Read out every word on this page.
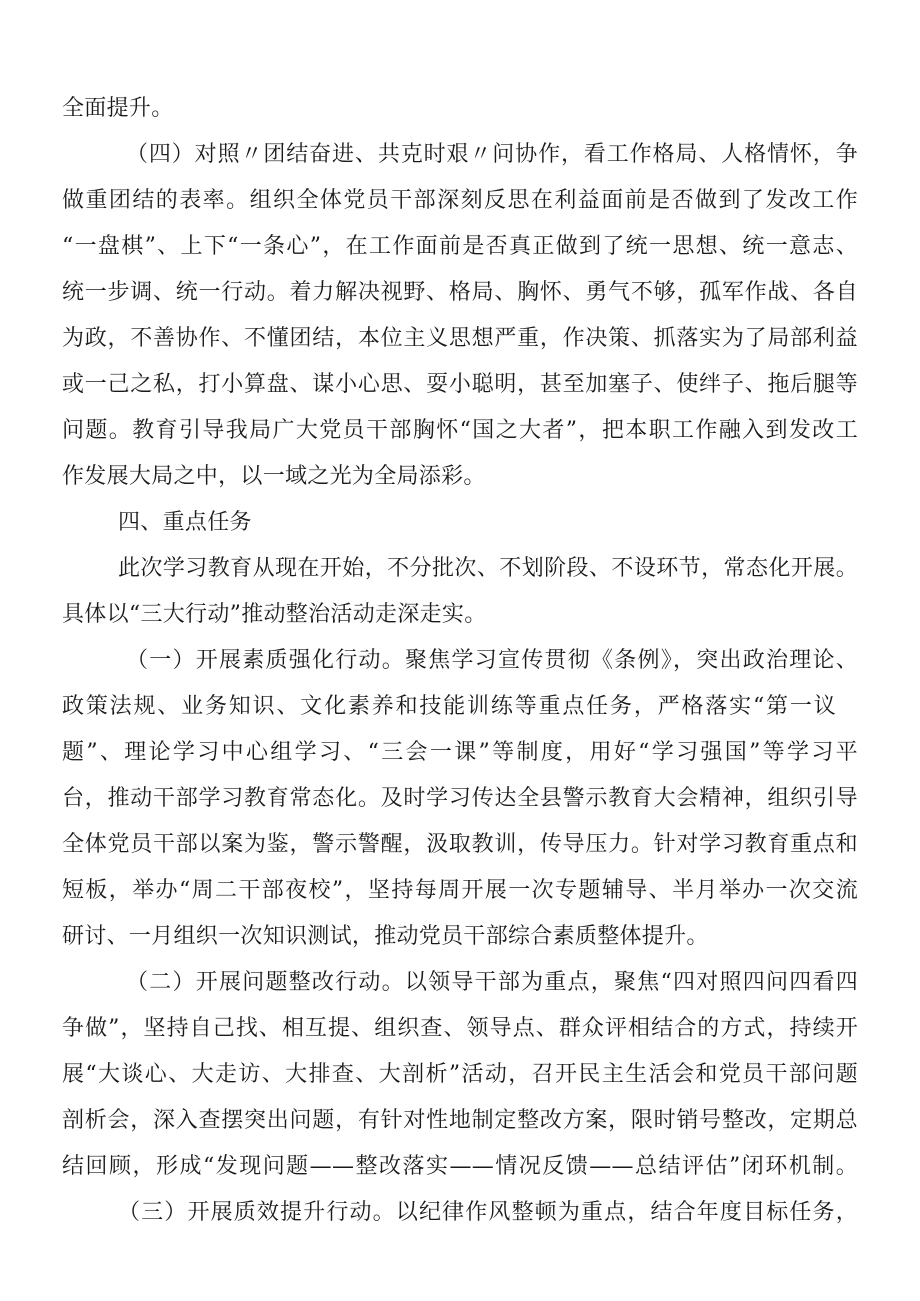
全面提升。
（四）对照〃团结奋进、共克时艰〃问协作，看工作格局、人格情怀，争
做重团结的表率。组织全体党员干部深刻反思在利益面前是否做到了发改工作
“一盘棋”、上下“一条心”，在工作面前是否真正做到了统一思想、统一意志、
统一步调、统一行动。着力解决视野、格局、胸怀、勇气不够，孤军作战、各自
为政，不善协作、不懂团结，本位主义思想严重，作决策、抓落实为了局部利益
或一己之私，打小算盘、谋小心思、耍小聪明，甚至加塞子、使绊子、拖后腿等
问题。教育引导我局广大党员干部胸怀“国之大者”，把本职工作融入到发改工
作发展大局之中，以一域之光为全局添彩。
四、重点任务
此次学习教育从现在开始，不分批次、不划阶段、不设环节，常态化开展。
具体以“三大行动”推动整治活动走深走实。
（一）开展素质强化行动。聚焦学习宣传贯彻《条例》，突出政治理论、
政策法规、业务知识、文化素养和技能训练等重点任务，严格落实“第一议
题”、理论学习中心组学习、“三会一课”等制度，用好“学习强国”等学习平
台，推动干部学习教育常态化。及时学习传达全县警示教育大会精神，组织引导
全体党员干部以案为鉴，警示警醒，汲取教训，传导压力。针对学习教育重点和
短板，举办“周二干部夜校”，坚持每周开展一次专题辅导、半月举办一次交流
研讨、一月组织一次知识测试，推动党员干部综合素质整体提升。
（二）开展问题整改行动。以领导干部为重点，聚焦“四对照四问四看四
争做”，坚持自己找、相互提、组织查、领导点、群众评相结合的方式，持续开
展“大谈心、大走访、大排查、大剖析”活动，召开民主生活会和党员干部问题
剖析会，深入查摆突出问题，有针对性地制定整改方案，限时销号整改，定期总
结回顾，形成“发现问题——整改落实——情况反馈——总结评估”闭环机制。
（三）开展质效提升行动。以纪律作风整顿为重点，结合年度目标任务，
